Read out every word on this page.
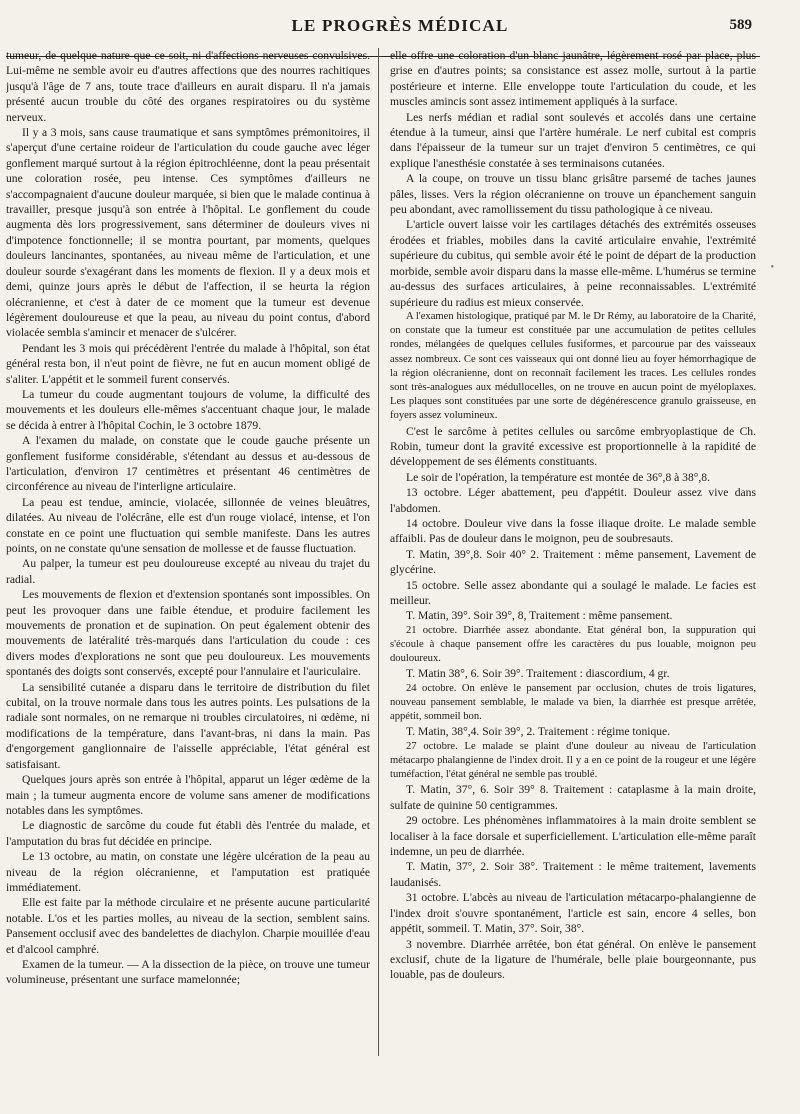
LE PROGRÈS MÉDICAL	589

tumeur, de quelque nature que ce soit, ni d'affections nerveuses convulsives. Lui-même ne semble avoir eu d'autres affections que des nourres rachitiques jusqu'à l'âge de 7 ans, toute trace d'ailleurs en aurait disparu. Il n'a jamais présenté aucun trouble du côté des organes respiratoires ou du système nerveux.

Il y a 3 mois, sans cause traumatique et sans symptômes prémonitoires, il s'aperçut d'une certaine roideur de l'articulation du coude gauche avec léger gonflement marqué surtout à la région épitrochléenne, dont la peau présentait une coloration rosée, peu intense. Ces symptômes d'ailleurs ne s'accompagnaient d'aucune douleur marquée, si bien que le malade continua à travailler, presque jusqu'à son entrée à l'hôpital. Le gonflement du coude augmenta dès lors progressivement, sans déterminer de douleurs vives ni d'impotence fonctionnelle; il se montra pourtant, par moments, quelques douleurs lancinantes, spontanées, au niveau même de l'articulation, et une douleur sourde s'exagérant dans les moments de flexion. Il y a deux mois et demi, quinze jours après le début de l'affection, il se heurta la région olécranienne, et c'est à dater de ce moment que la tumeur est devenue légèrement douloureuse et que la peau, au niveau du point contus, d'abord violacée sembla s'amincir et menacer de s'ulcérer.

Pendant les 3 mois qui précédèrent l'entrée du malade à l'hôpital, son état général resta bon, il n'eut point de fièvre, ne fut en aucun moment obligé de s'aliter. L'appétit et le sommeil furent conservés.

La tumeur du coude augmentant toujours de volume, la difficulté des mouvements et les douleurs elle-mêmes s'accentuant chaque jour, le malade se décida à entrer à l'hôpital Cochin, le 3 octobre 1879.

A l'examen du malade, on constate que le coude gauche présente un gonflement fusiforme considérable, s'étendant au dessus et au-dessous de l'articulation, d'environ 17 centimètres et présentant 46 centimètres de circonférence au niveau de l'interligne articulaire.

La peau est tendue, amincie, violacée, sillonnée de veines bleuâtres, dilatées. Au niveau de l'olécrâne, elle est d'un rouge violacé, intense, et l'on constate en ce point une fluctuation qui semble manifeste. Dans les autres points, on ne constate qu'une sensation de mollesse et de fausse fluctuation.

Au palper, la tumeur est peu douloureuse excepté au niveau du trajet du radial.

Les mouvements de flexion et d'extension spontanés sont impossibles. On peut les provoquer dans une faible étendue, et produire facilement les mouvements de pronation et de supination. On peut également obtenir des mouvements de latéralité très-marqués dans l'articulation du coude : ces divers modes d'explorations ne sont que peu douloureux. Les mouvements spontanés des doigts sont conservés, excepté pour l'annulaire et l'auriculaire.

La sensibilité cutanée a disparu dans le territoire de distribution du filet cubital, on la trouve normale dans tous les autres points. Les pulsations de la radiale sont normales, on ne remarque ni troubles circulatoires, ni œdème, ni modifications de la température, dans l'avant-bras, ni dans la main. Pas d'engorgement ganglionnaire de l'aisselle appréciable, l'état général est satisfaisant.

Quelques jours après son entrée à l'hôpital, apparut un léger œdème de la main ; la tumeur augmenta encore de volume sans amener de modifications notables dans les symptômes.

Le diagnostic de sarcôme du coude fut établi dès l'entrée du malade, et l'amputation du bras fut décidée en principe.

Le 13 octobre, au matin, on constate une légère ulcération de la peau au niveau de la région olécranienne, et l'amputation est pratiquée immédiatement.

Elle est faite par la méthode circulaire et ne présente aucune particularité notable. L'os et les parties molles, au niveau de la section, semblent sains. Pansement occlusif avec des bandelettes de diachylon. Charpie mouillée d'eau et d'alcool camphré.

Examen de la tumeur. — A la dissection de la pièce, on trouve une tumeur volumineuse, présentant une surface mamelonnée;

elle offre une coloration d'un blanc jaunâtre, légèrement rosé par place, plus grise en d'autres points; sa consistance est assez molle, surtout à la partie postérieure et interne. Elle enveloppe toute l'articulation du coude, et les muscles amincis sont assez intimement appliqués à la surface.

Les nerfs médian et radial sont soulevés et accolés dans une certaine étendue à la tumeur, ainsi que l'artère humérale. Le nerf cubital est compris dans l'épaisseur de la tumeur sur un trajet d'environ 5 centimètres, ce qui explique l'anesthésie constatée à ses terminaisons cutanées.

A la coupe, on trouve un tissu blanc grisâtre parsemé de taches jaunes pâles, lisses. Vers la région olécranienne on trouve un épanchement sanguin peu abondant, avec ramollissement du tissu pathologique à ce niveau.

L'article ouvert laisse voir les cartilages détachés des extrémités osseuses érodées et friables, mobiles dans la cavité articulaire envahie, l'extrémité supérieure du cubitus, qui semble avoir été le point de départ de la production morbide, semble avoir disparu dans la masse elle-même. L'humérus se termine au-dessus des surfaces articulaires, à peine reconnaissables. L'extrémité supérieure du radius est mieux conservée.

A l'examen histologique, pratiqué par M. le Dr Rémy, au laboratoire de la Charité, on constate que la tumeur est constituée par une accumulation de petites cellules rondes, mélangées de quelques cellules fusiformes, et parcourue par des vaisseaux assez nombreux. Ce sont ces vaisseaux qui ont donné lieu au foyer hémorrhagique de la région olécranienne, dont on reconnaît facilement les traces. Les cellules rondes sont très-analogues aux médullocelles, on ne trouve en aucun point de myéloplaxes. Les plaques sont constituées par une sorte de dégénérescence granulo graisseuse, en foyers assez volumineux.

C'est le sarcôme à petites cellules ou sarcôme embryoplastique de Ch. Robin, tumeur dont la gravité excessive est proportionnelle à la rapidité de développement de ses éléments constituants.

Le soir de l'opération, la température est montée de 36°,8 à 38°,8.

13 octobre. Léger abattement, peu d'appétit. Douleur assez vive dans l'abdomen.

14 octobre. Douleur vive dans la fosse iliaque droite. Le malade semble affaibli. Pas de douleur dans le moignon, peu de soubresauts.

T. Matin, 39°,8. Soir 40° 2. Traitement : même pansement, Lavement de glycérine.

15 octobre. Selle assez abondante qui a soulagé le malade. Le facies est meilleur.

T. Matin, 39°. Soir 39°, 8, Traitement : même pansement.

21 octobre. Diarrhée assez abondante. Etat général bon, la suppuration qui s'écoule à chaque pansement offre les caractères du pus louable, moignon peu douloureux.

T. Matin 38°, 6. Soir 39°. Traitement : diascordium, 4 gr.

24 octobre. On enlève le pansement par occlusion, chutes de trois ligatures, nouveau pansement semblable, le malade va bien, la diarrhée est presque arrêtée, appétit, sommeil bon.

T. Matin, 38°,4. Soir 39°, 2. Traitement : régime tonique.

27 octobre. Le malade se plaint d'une douleur au niveau de l'articulation métacarpo phalangienne de l'index droit. Il y a en ce point de la rougeur et une légère tuméfaction, l'état général ne semble pas troublé.

T. Matin, 37°, 6. Soir 39° 8. Traitement : cataplasme à la main droite, sulfate de quinine 50 centigrammes.

29 octobre. Les phénomènes inflammatoires à la main droite semblent se localiser à la face dorsale et superficiellement. L'articulation elle-même paraît indemne, un peu de diarrhée.

T. Matin, 37°, 2. Soir 38°. Traitement : le même traitement, lavements laudanisés.

31 octobre. L'abcès au niveau de l'articulation métacarpo-phalangienne de l'index droit s'ouvre spontanément, l'article est sain, encore 4 selles, bon appétit, sommeil. T. Matin, 37°. Soir, 38°.

3 novembre. Diarrhée arrêtée, bon état général. On enlève le pansement exclusif, chute de la ligature de l'humérale, belle plaie bourgeonnante, pus louable, pas de douleurs.

•
